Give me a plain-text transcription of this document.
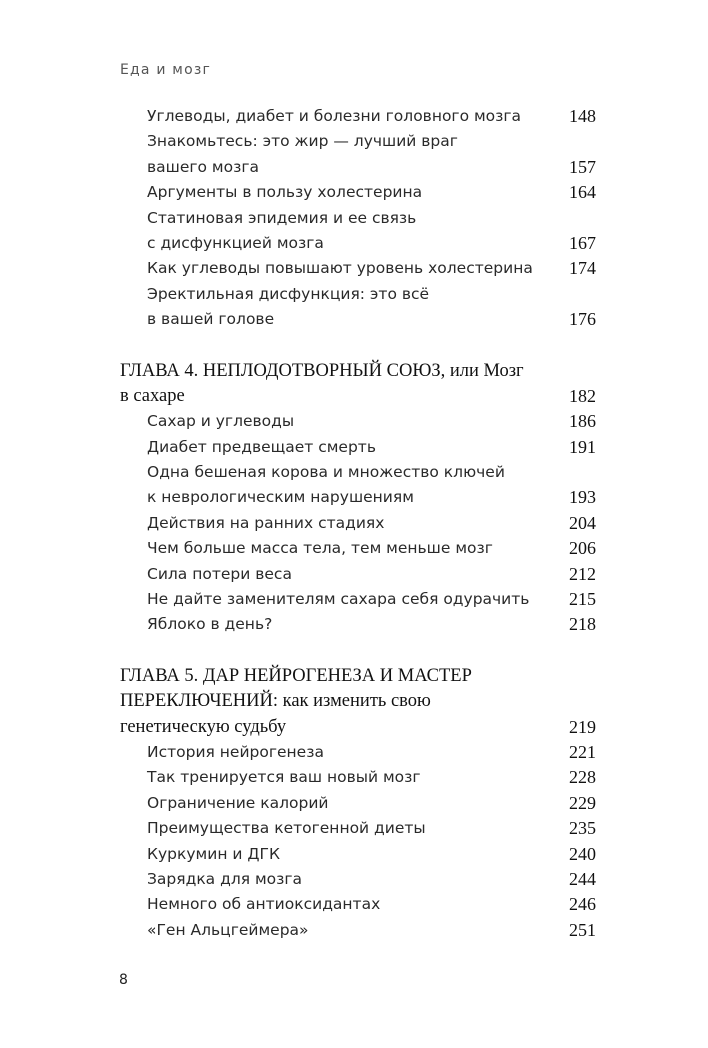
Еда и мозг
Углеводы, диабет и болезни головного мозга	148
Знакомьтесь: это жир — лучший враг
вашего мозга	157
Аргументы в пользу холестерина	164
Статиновая эпидемия и ее связь
с дисфункцией мозга	167
Как углеводы повышают уровень холестерина 174
Эректильная дисфункция: это всё
в вашей голове	176
ГЛАВА 4. НЕПЛОДОТВОРНЫЙ СОЮЗ, или Мозг
в сахаре	182
Сахар и углеводы	186
Диабет предвещает смерть	191
Одна бешеная корова и множество ключей
к неврологическим нарушениям	193
Действия на ранних стадиях	204
Чем больше масса тела, тем меньше мозг	206
Сила потери веса	212
Не дайте заменителям сахара себя одурачить 215
Яблоко в день?	218
ГЛАВА 5. ДАР НЕЙРОГЕНЕЗА И МАСТЕР
ПЕРЕКЛЮЧЕНИЙ: как изменить свою
генетическую судьбу	219
История нейрогенеза	221
Так тренируется ваш новый мозг	228
Ограничение калорий	229
Преимущества кетогенной диеты	235
Куркумин и ДГК	240
Зарядка для мозга	244
Немного об антиоксидантах	246
«Ген Альцгеймера»	251
8
